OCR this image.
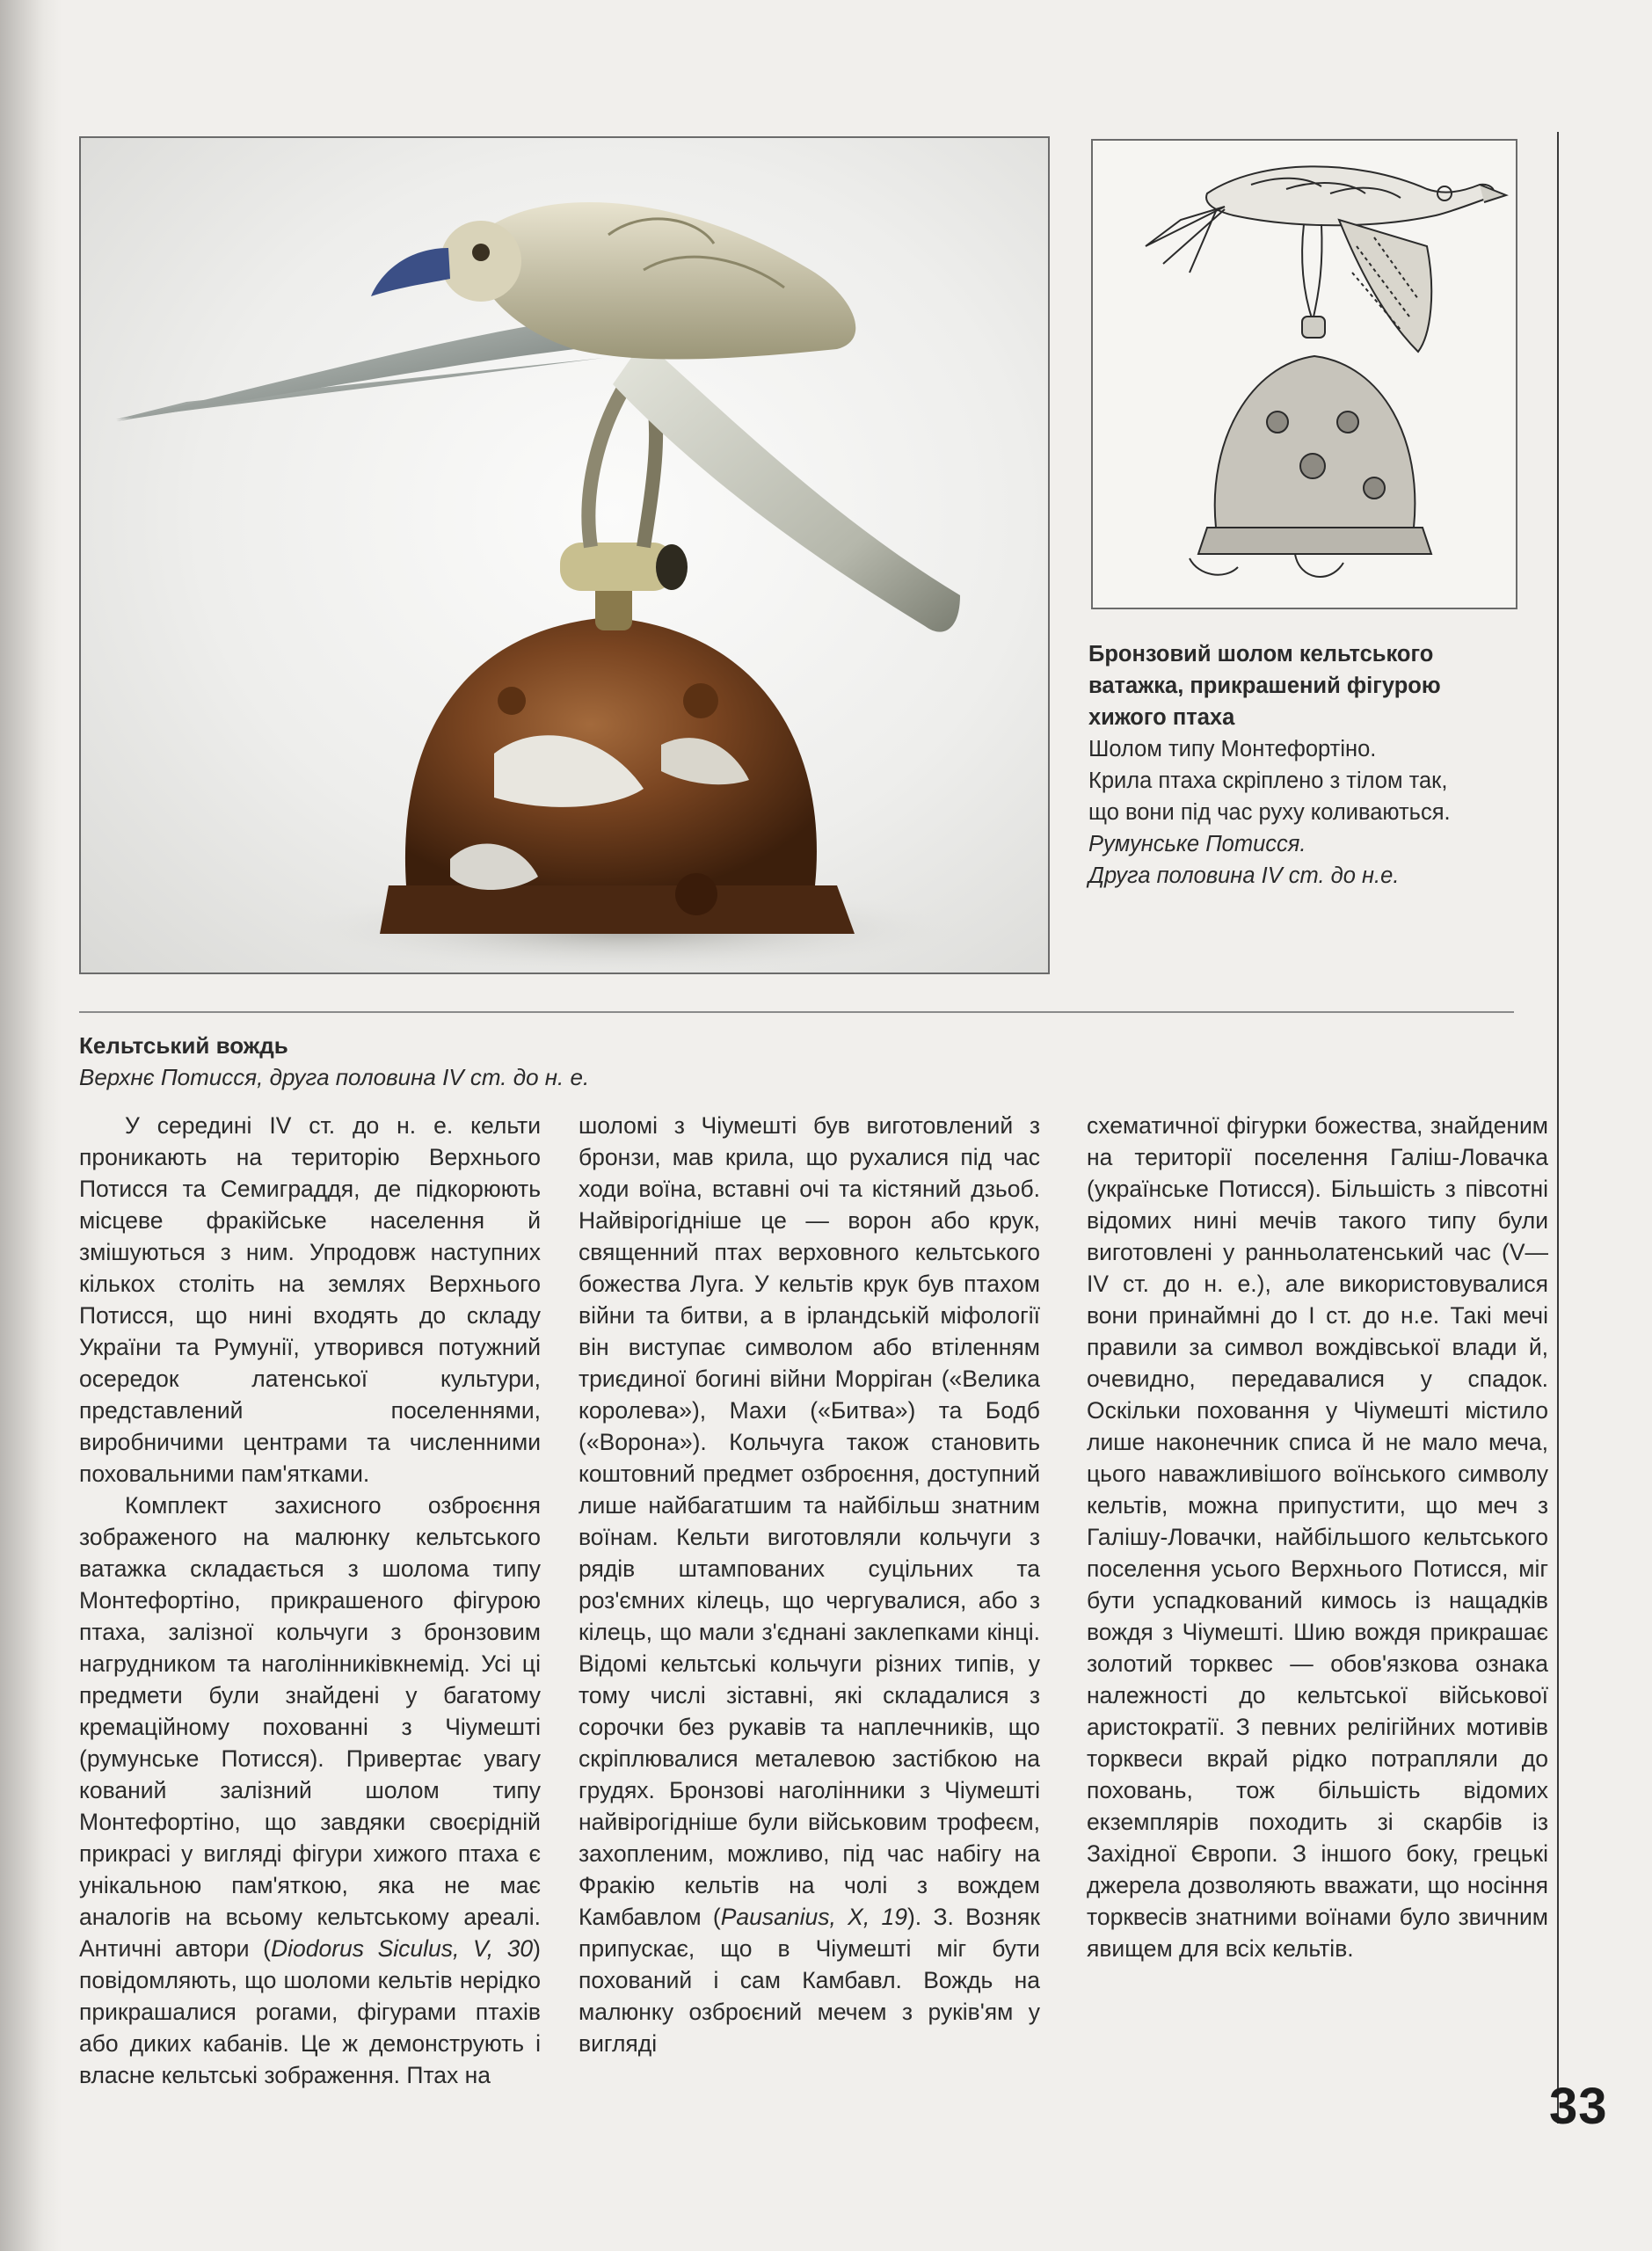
Бронзовий шолом кельтського

ватажка, прикрашений фігурою

хижого птаха

Шолом типу Монтефортіно.

Крила птаха скріплено з тілом так,

що вони під час руху коливаються.

Румунське Потисся.

Друга половина IV ст. до н.е.

Кельтський вождь

Верхнє Потисся, друга половина IV ст. до н. е.

У середині IV ст. до н. е. кельти проникають на територію Верхнього Потисся та Семиграддя, де підкорюють місцеве фракійське населення й змішуються з ним. Упродовж наступних кількох століть на землях Верхнього Потисся, що нині входять до складу України та Румунії, утворився потужний осередок латенської культури, представлений поселеннями, виробничими центрами та численними поховальними пам'ятками.

Комплект захисного озброєння зображеного на малюнку кельтського ватажка складається з шолома типу Монтефортіно, прикрашеного фігурою птаха, залізної кольчуги з бронзовим нагрудником та наголінниківкнемід. Усі ці предмети були знайдені у багатому кремаційному похованні з Чіумешті (румунське Потисся). Привертає увагу кований залізний шолом типу Монтефортіно, що завдяки своєрідній прикрасі у вигляді фігури хижого птаха є унікальною пам'яткою, яка не має аналогів на всьому кельтському ареалі. Античні автори (Diodorus Siculus, V, 30) повідомляють, що шоломи кельтів нерідко прикрашалися рогами, фігурами птахів або диких кабанів. Це ж демонструють і власне кельтські зображення. Птах на

шоломі з Чіумешті був виготовлений з бронзи, мав крила, що рухалися під час ходи воїна, вставні очі та кістяний дзьоб. Найвірогідніше це — ворон або крук, священний птах верховного кельтського божества Луга. У кельтів крук був птахом війни та битви, а в ірландській міфології він виступає символом або втіленням триєдиної богині війни Морріган («Велика королева»), Махи («Битва») та Бодб («Ворона»). Кольчуга також становить коштовний предмет озброєння, доступний лише найбагатшим та найбільш знатним воїнам. Кельти виготовляли кольчуги з рядів штампованих суцільних та роз'ємних кілець, що чергувалися, або з кілець, що мали з'єднані заклепками кінці. Відомі кельтські кольчуги різних типів, у тому числі зіставні, які складалися з сорочки без рукавів та наплечників, що скріплювалися металевою застібкою на грудях. Бронзові наголінники з Чіумешті найвірогідніше були військовим трофеєм, захопленим, можливо, під час набігу на Фракію кельтів на чолі з вождем Камбавлом (Pausanius, X, 19). З. Возняк припускає, що в Чіумешті міг бути похований і сам Камбавл. Вождь на малюнку озброєний мечем з руків'ям у вигляді

схематичної фігурки божества, знайденим на території поселення Галіш-Ловачка (українське Потисся). Більшість з півсотні відомих нині мечів такого типу були виготовлені у ранньолатенський час (V—IV ст. до н. е.), але використовувалися вони принаймні до I ст. до н.е. Такі мечі правили за символ вождівської влади й, очевидно, передавалися у спадок. Оскільки поховання у Чіумешті містило лише наконечник списа й не мало меча, цього наважливішого воїнського символу кельтів, можна припустити, що меч з Галішу-Ловачки, найбільшого кельтського поселення усього Верхнього Потисся, міг бути успадкований кимось із нащадків вождя з Чіумешті. Шию вождя прикрашає золотий торквес — обов'язкова ознака належності до кельтської військової аристократії. З певних релігійних мотивів торквеси вкрай рідко потрапляли до поховань, тож більшість відомих екземплярів походить зі скарбів із Західної Європи. З іншого боку, грецькі джерела дозволяють вважати, що носіння торквесів знатними воїнами було звичним явищем для всіх кельтів.

33
